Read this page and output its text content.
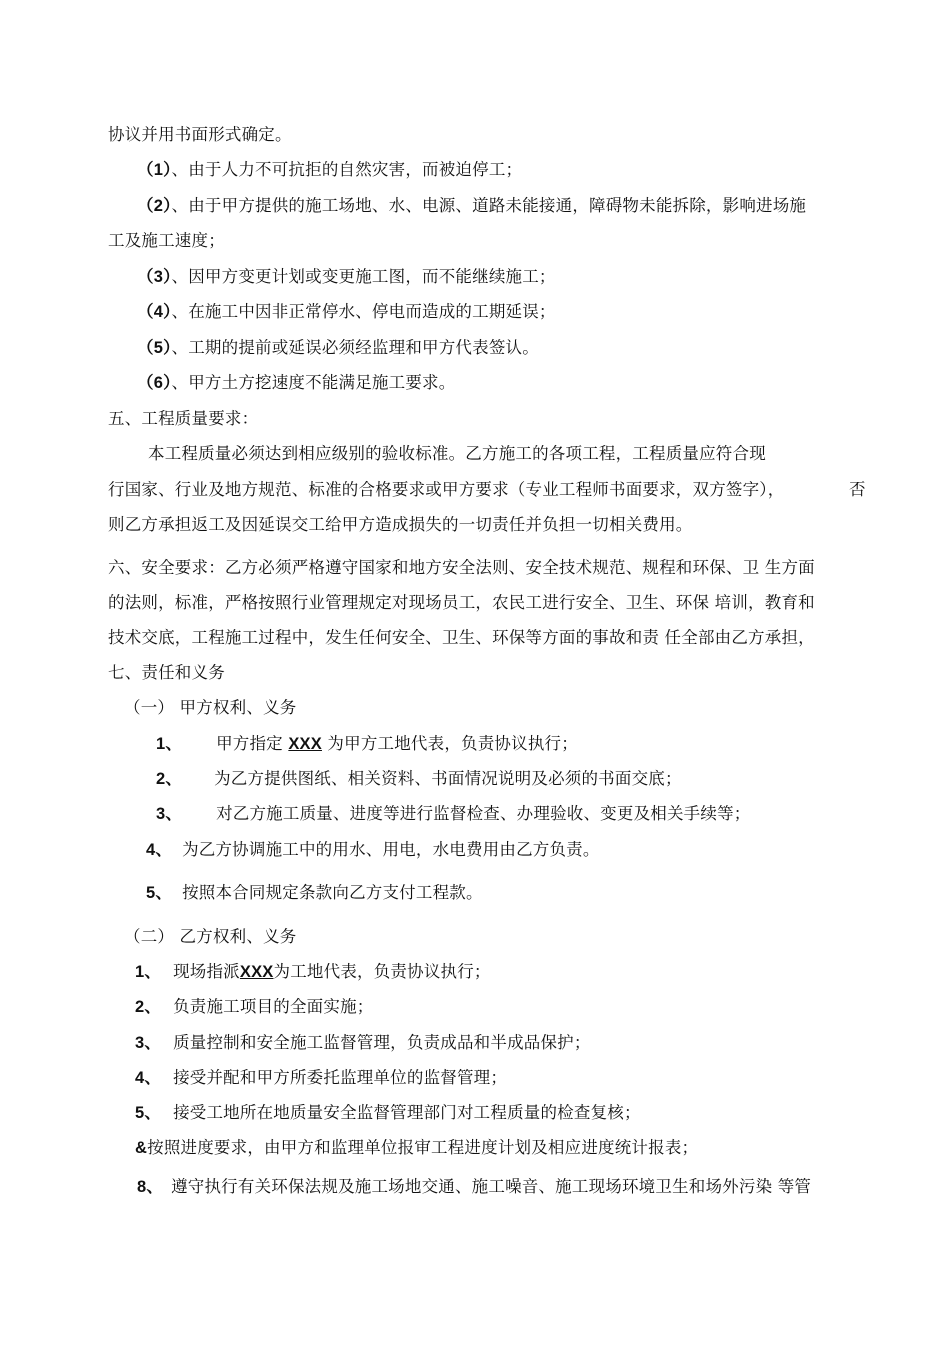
协议并用书面形式确定。
（1）、由于人力不可抗拒的自然灾害，而被迫停工；
（2）、由于甲方提供的施工场地、水、电源、道路未能接通，障碍物未能拆除，影响进场施
工及施工速度；
（3）、因甲方变更计划或变更施工图，而不能继续施工；
（4）、在施工中因非正常停水、停电而造成的工期延误；
（5）、工期的提前或延误必须经监理和甲方代表签认。
（6）、甲方土方挖速度不能满足施工要求。
五、工程质量要求：
本工程质量必须达到相应级别的验收标准。乙方施工的各项工程，工程质量应符合现
行国家、行业及地方规范、标准的合格要求或甲方要求（专业工程师书面要求，双方签字），	否
则乙方承担返工及因延误交工给甲方造成损失的一切责任并负担一切相关费用。
六、安全要求：乙方必须严格遵守国家和地方安全法则、安全技术规范、规程和环保、卫 生方面
的法则，标准，严格按照行业管理规定对现场员工，农民工进行安全、卫生、环保 培训，教育和
技术交底，工程施工过程中，发生任何安全、卫生、环保等方面的事故和责 任全部由乙方承担，
七、责任和义务
（一） 甲方权利、义务
1、 甲方指定 XXX 为甲方工地代表，负责协议执行；
2、 为乙方提供图纸、相关资料、书面情况说明及必须的书面交底；
3、 对乙方施工质量、进度等进行监督检查、办理验收、变更及相关手续等；
4、 为乙方协调施工中的用水、用电，水电费用由乙方负责。
5、 按照本合同规定条款向乙方支付工程款。
（二） 乙方权利、义务
1、 现场指派XXX为工地代表，负责协议执行；
2、 负责施工项目的全面实施；
3、 质量控制和安全施工监督管理，负责成品和半成品保护；
4、 接受并配和甲方所委托监理单位的监督管理；
5、 接受工地所在地质量安全监督管理部门对工程质量的检查复核；
&按照进度要求，由甲方和监理单位报审工程进度计划及相应进度统计报表；
8、 遵守执行有关环保法规及施工场地交通、施工噪音、施工现场环境卫生和场外污染 等管
